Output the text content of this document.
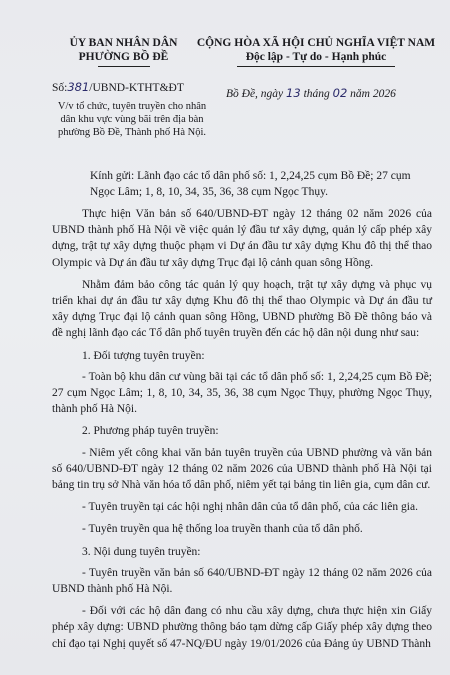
ỦY BAN NHÂN DÂN
PHƯỜNG BỒ ĐỀ
CỘNG HÒA XÃ HỘI CHỦ NGHĨA VIỆT NAM
Độc lập - Tự do - Hạnh phúc
Số:381/UBND-KTHT&ĐT
V/v tổ chức, tuyên truyền cho nhân dân khu vực vùng bãi trên địa bàn phường Bồ Đề, Thành phố Hà Nội.
Bồ Đề, ngày 13 tháng 02 năm 2026
Kính gửi: Lãnh đạo các tổ dân phố số: 1, 2,24,25 cụm Bồ Đề; 27 cụm Ngọc Lâm; 1, 8, 10, 34, 35, 36, 38 cụm Ngọc Thụy.

Thực hiện Văn bản số 640/UBND-ĐT ngày 12 tháng 02 năm 2026 của UBND thành phố Hà Nội về việc quản lý đầu tư xây dựng, quản lý cấp phép xây dựng, trật tự xây dựng thuộc phạm vi Dự án đầu tư xây dựng Khu đô thị thể thao Olympic và Dự án đầu tư xây dựng Trục đại lộ cảnh quan sông Hồng.

Nhằm đảm bảo công tác quản lý quy hoạch, trật tự xây dựng và phục vụ triển khai dự án đầu tư xây dựng Khu đô thị thể thao Olympic và Dự án đầu tư xây dựng Trục đại lộ cảnh quan sông Hồng, UBND phường Bồ Đề thông báo và đề nghị lãnh đạo các Tổ dân phố tuyên truyền đến các hộ dân nội dung như sau:

1. Đối tượng tuyên truyền:

- Toàn bộ khu dân cư vùng bãi tại các tổ dân phố số: 1, 2,24,25 cụm Bồ Đề; 27 cụm Ngọc Lâm; 1, 8, 10, 34, 35, 36, 38 cụm Ngọc Thụy, phường Ngọc Thụy, thành phố Hà Nội.

2. Phương pháp tuyên truyền:

- Niêm yết công khai văn bản tuyên truyền của UBND phường và văn bản số 640/UBND-ĐT ngày 12 tháng 02 năm 2026 của UBND thành phố Hà Nội tại bảng tin trụ sở Nhà văn hóa tổ dân phố, niêm yết tại bảng tin liên gia, cụm dân cư.

- Tuyên truyền tại các hội nghị nhân dân của tổ dân phố, của các liên gia.

- Tuyên truyền qua hệ thống loa truyền thanh của tổ dân phố.

3. Nội dung tuyên truyền:

- Tuyên truyền văn bản số 640/UBND-ĐT ngày 12 tháng 02 năm 2026 của UBND thành phố Hà Nội.

- Đối với các hộ dân đang có nhu cầu xây dựng, chưa thực hiện xin Giấy phép xây dựng: UBND phường thông báo tạm dừng cấp Giấy phép xây dựng theo chỉ đạo tại Nghị quyết số 47-NQ/ĐU ngày 19/01/2026 của Đảng ủy UBND Thành
